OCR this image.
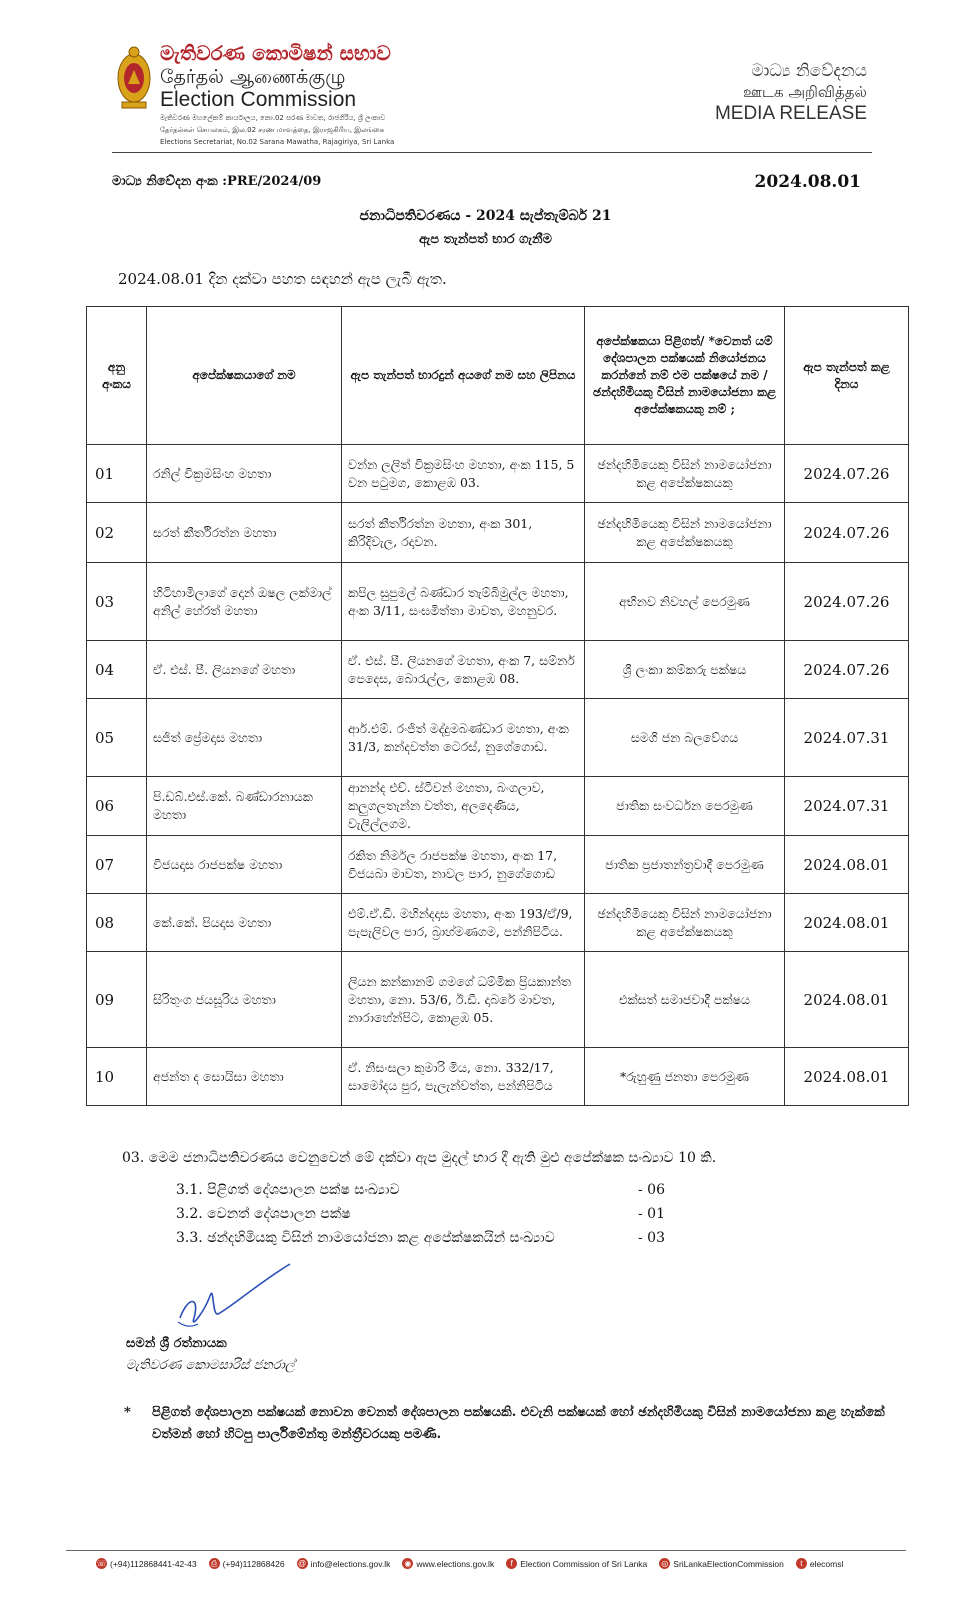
මැතිවරණ කොමිෂන් සභාව
தேர்தல் ஆணைக்குழு
Election Commission
මැතිවරණ මහලේකම් කාර්යාලය, නො.02 සරණ මාවත, රාජගිරිය, ශ්‍රී ලංකාව
தேர்தல்கள் செயலகம், இல.02 சரண மாவத்தை, இராஜகிரிய, இலங்கை
Elections Secretariat, No.02 Sarana Mawatha, Rajagiriya, Sri Lanka
මාධ්‍ය නිවේදනය
ஊடக அறிவித்தல்
MEDIA RELEASE
මාධ්‍ය නිවේදන අංක :PRE/2024/09	2024.08.01
ජනාධිපතිවරණය - 2024 සැප්තැම්බර් 21
ඇප තැන්පත් භාර ගැනීම
2024.08.01 දින දක්වා පහත සඳහන් ඇප ලැබී ඇත.
අනු අංකය	අපේක්ෂකයාගේ නම	ඇප තැන්පත් භාරදුන් අයගේ නම සහ ලිපිනය	අපේක්ෂකයා පිළිගත්/ *වෙනත් යම් දේශපාලන පක්ෂයක් නියෝජනය කරන්නේ නම් එම පක්ෂයේ නම / ඡන්දහිමියකු විසින් නාමයෝජනා කළ අපේක්ෂකයකු නම් ;	ඇප තැන්පත් කළ දිනය
01	රනිල් වික්‍රමසිංහ මහතා	වන්න ලලිත් වික්‍රමසිංහ මහතා, අංක 115, 5 වන පටුමග, කොළඹ 03.	ඡන්දහිමියෙකු විසින් නාමයෝජනා කළ අපේක්ෂකයකු	2024.07.26
02	සරත් කීර්තිරත්න මහතා	සරත් කීර්තිරත්න මහතා, අංක 301, කිරිදිවැල, රදාවන.	ඡන්දහිමියෙකු විසින් නාමයෝජනා කළ අපේක්ෂකයකු	2024.07.26
03	හිටිහාමිලාගේ දොන් ඔෂල ලක්මාල් අනිල් හේරත් මහතා	කපිල සුපුමල් බණ්ඩාර තැම්බිමුල්ල මහතා, අංක 3/11, සංඝමිත්තා මාවත, මහනුවර.	අභිනව නිවහල් පෙරමුණ	2024.07.26
04	ඒ. එස්. පී. ලියනගේ මහතා	ඒ. එස්. පී. ලියනගේ මහතා, අංක 7, සම්නර් පෙදෙස, බොරැල්ල, කොළඹ 08.	ශ්‍රී ලංකා කම්කරු පක්ෂය	2024.07.26
05	සජිත් ප්‍රේමදාස මහතා	ආර්.එම්. රංජිත් මද්දුමබණ්ඩාර මහතා, අංක 31/3, කන්දවත්ත ටෙරස්, නුගේගොඩ.	සමගි ජන බලවේගය	2024.07.31
06	පි.ඩබ්.එස්.කේ. බණ්ඩාරනායක මහතා	ආනන්ද එච්. ස්ටීවන් මහතා, බංගලාව, කලුගලතැන්න වත්ත, අලදෙණිය, වැලිල්ලගම.	ජාතික සංවර්ධන පෙරමුණ	2024.07.31
07	විජයදාස රාජපක්ෂ මහතා	රකිත නිර්මල රාජපක්ෂ මහතා, අංක 17, විජයබා මාවත, නාවල පාර, නුගේගොඩ	ජාතික ප්‍රජාතන්ත්‍රවාදී පෙරමුණ	2024.08.01
08	කේ.කේ. පියදාස මහතා	එම්.ඒ.ඩී. මහින්දදාස මහතා, අංක 193/ඒ/9, පැපැලිවල පාර, බ්‍රාහ්මණගම, පන්නිපිටිය.	ඡන්දහිමියෙකු විසින් නාමයෝජනා කළ අපේක්ෂකයකු	2024.08.01
09	සිරිතුංග ජයසූරිය මහතා	ලියන කන්කානම් ගමගේ ධම්මික ප්‍රියකාන්ත මහතා, නො. 53/6, ඊ.ඩී. දාබරේ මාවත, නාරාහේන්පිට, කොළඹ 05.	එක්සත් සමාජවාදී පක්ෂය	2024.08.01
10	අජන්ත ද සොයිසා මහතා	ඒ. නිසංසලා කුමාරි මිය, නො. 332/17, සාමෝදය පුර, පැලැන්වත්ත, පන්නිපිටිය	*රුහුණු ජනතා පෙරමුණ	2024.08.01
03. මෙම ජනාධිපතිවරණය වෙනුවෙන් මේ දක්වා ඇප මුදල් භාර දී ඇති මුළු අපේක්ෂක සංඛ්‍යාව 10 කි.
3.1. පිළිගත් දේශපාලන පක්ෂ සංඛ්‍යාව	- 06
3.2. වෙනත් දේශපාලන පක්ෂ	- 01
3.3. ඡන්දහිමියකු විසින් නාමයෝජනා කළ අපේක්ෂකයින් සංඛ්‍යාව	- 03
සමන් ශ්‍රී රත්නායක
මැතිවරණ කොමසාරිස් ජනරාල්
* පිළිගත් දේශපාලන පක්ෂයක් නොවන වෙනත් දේශපාලන පක්ෂයකි. එවැනි පක්ෂයක් හෝ ඡන්දහිමියකු විසින් නාමයෝජනා කළ හැක්කේ වත්මන් හෝ හිටපු පාර්ලිමේන්තු මන්ත්‍රීවරයකු පමණි.
☏ (+94)112868441-42-43 ⎙ (+94)112868426 @ info@elections.gov.lk ◉ www.elections.gov.lk	f Election Commission of Sri Lanka ◎ SriLankaElectionCommission	t elecomsl
